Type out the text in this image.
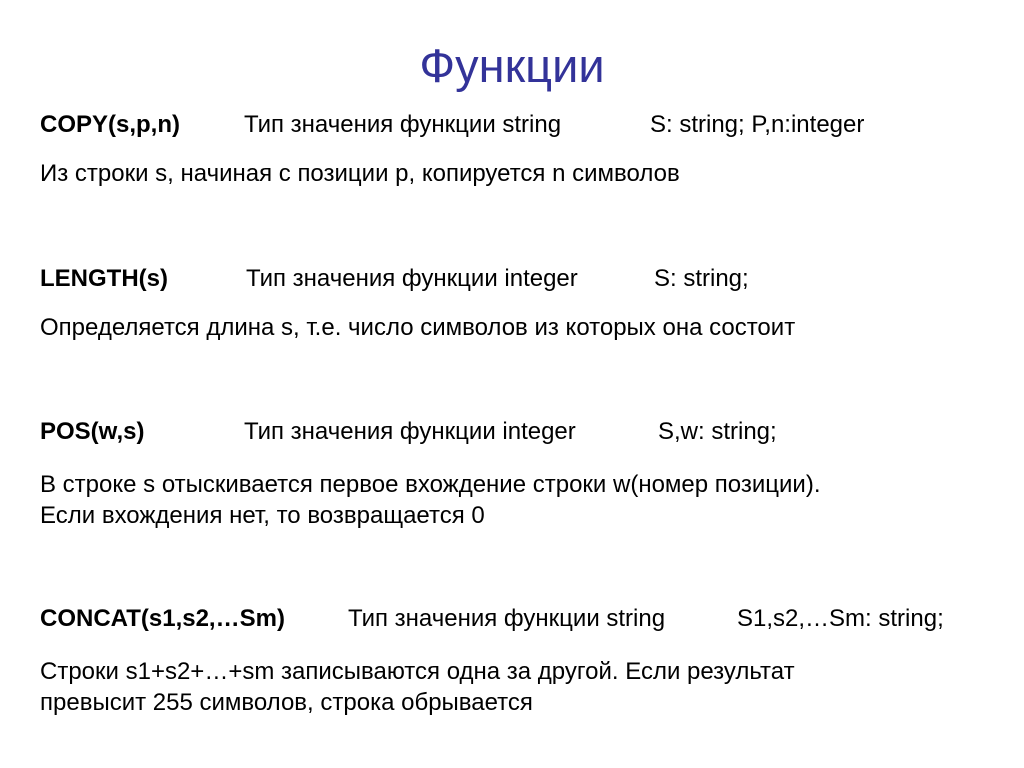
Функции
COPY(s,p,n)	Тип значения функции string	S: string; P,n:integer

Из строки s, начиная с позиции p, копируется n символов

LENGTH(s)	Тип значения функции integer	S: string;

Определяется длина s, т.е. число символов из которых она состоит

POS(w,s)	Тип значения функции integer	S,w: string;
В строке s отыскивается первое вхождение строки w(номер позиции).
Если вхождения нет, то возвращается 0
CONCAT(s1,s2,…Sm)	Тип значения функции string	S1,s2,…Sm: string;
Строки s1+s2+…+sm записываются одна за другой. Если результат
превысит 255 символов, строка обрывается
